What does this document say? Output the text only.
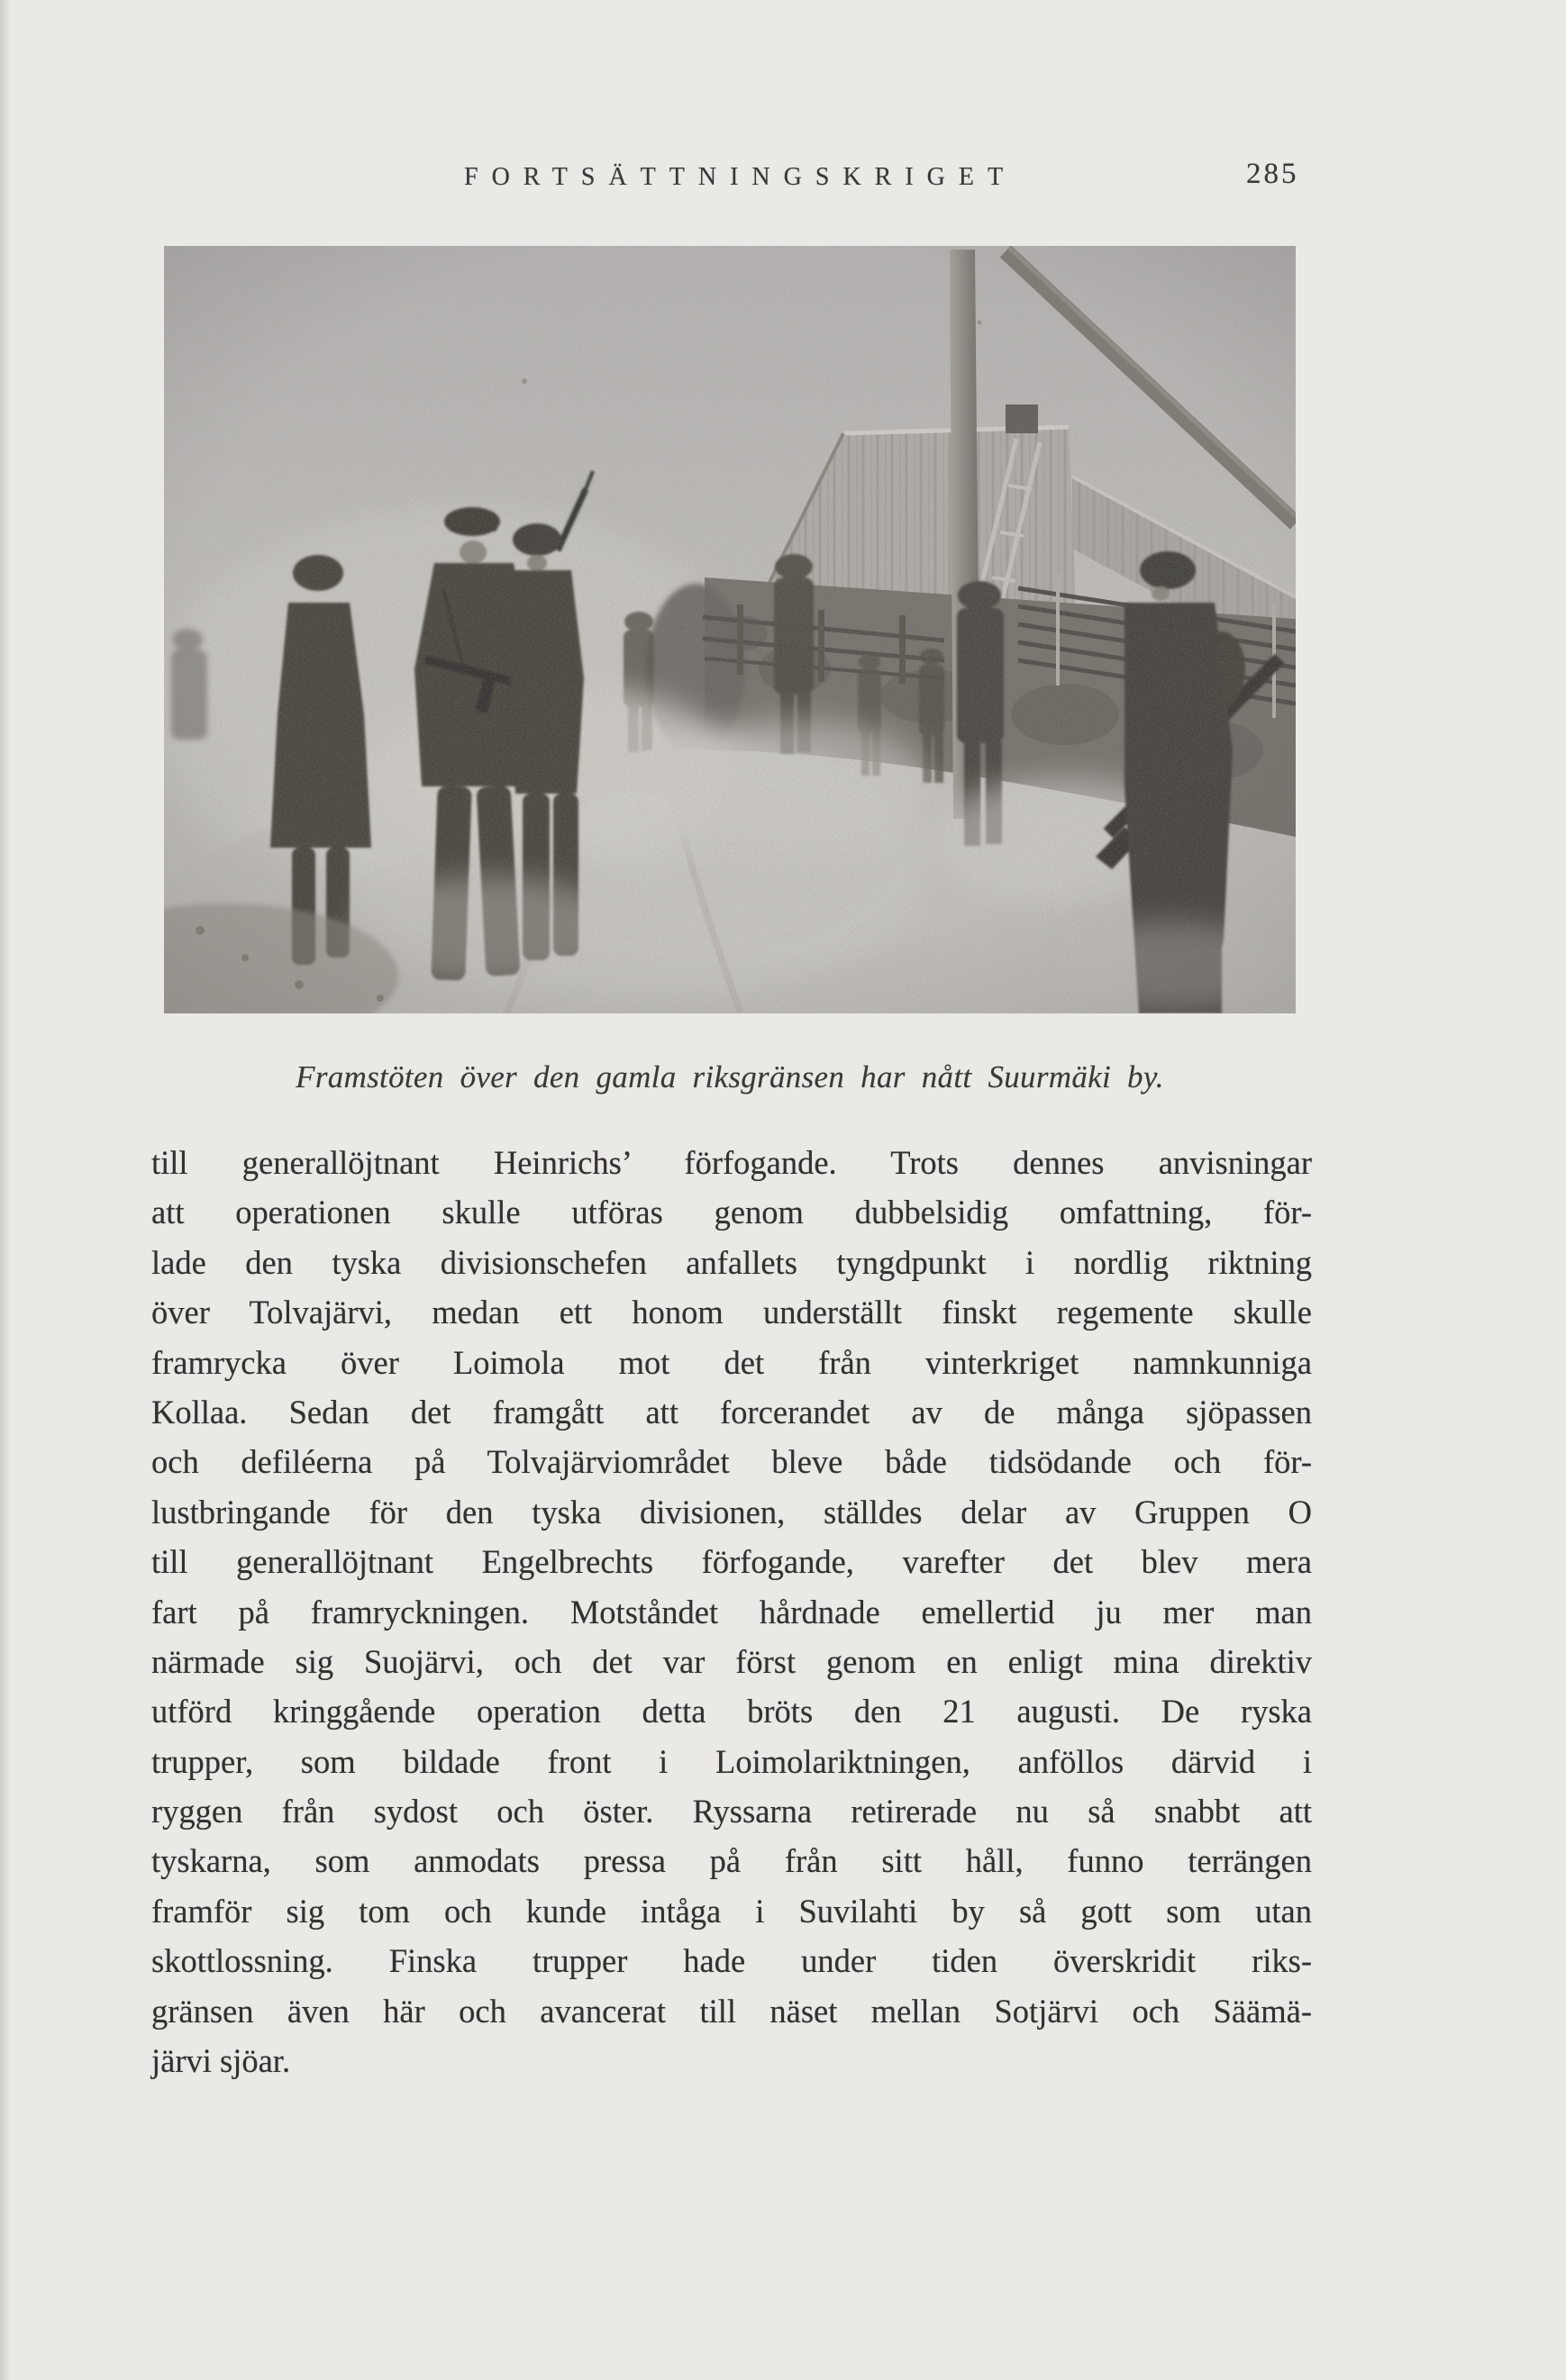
FORTSÄTTNINGSKRIGET	285
Framstöten över den gamla riksgränsen har nått Suurmäki by.
till generallöjtnant Heinrichs’ förfogande. Trots dennes anvisningar
att operationen skulle utföras genom dubbelsidig omfattning, för-
lade den tyska divisionschefen anfallets tyngdpunkt i nordlig riktning
över Tolvajärvi, medan ett honom underställt finskt regemente skulle
framrycka över Loimola mot det från vinterkriget namnkunniga
Kollaa. Sedan det framgått att forcerandet av de många sjöpassen
och defiléerna på Tolvajärviområdet bleve både tidsödande och för-
lustbringande för den tyska divisionen, ställdes delar av Gruppen O
till generallöjtnant Engelbrechts förfogande, varefter det blev mera
fart på framryckningen. Motståndet hårdnade emellertid ju mer man
närmade sig Suojärvi, och det var först genom en enligt mina direktiv
utförd kringgående operation detta bröts den 21 augusti. De ryska
trupper, som bildade front i Loimolariktningen, anföllos därvid i
ryggen från sydost och öster. Ryssarna retirerade nu så snabbt att
tyskarna, som anmodats pressa på från sitt håll, funno terrängen
framför sig tom och kunde intåga i Suvilahti by så gott som utan
skottlossning. Finska trupper hade under tiden överskridit riks-
gränsen även här och avancerat till näset mellan Sotjärvi och Säämä-
järvi sjöar.
